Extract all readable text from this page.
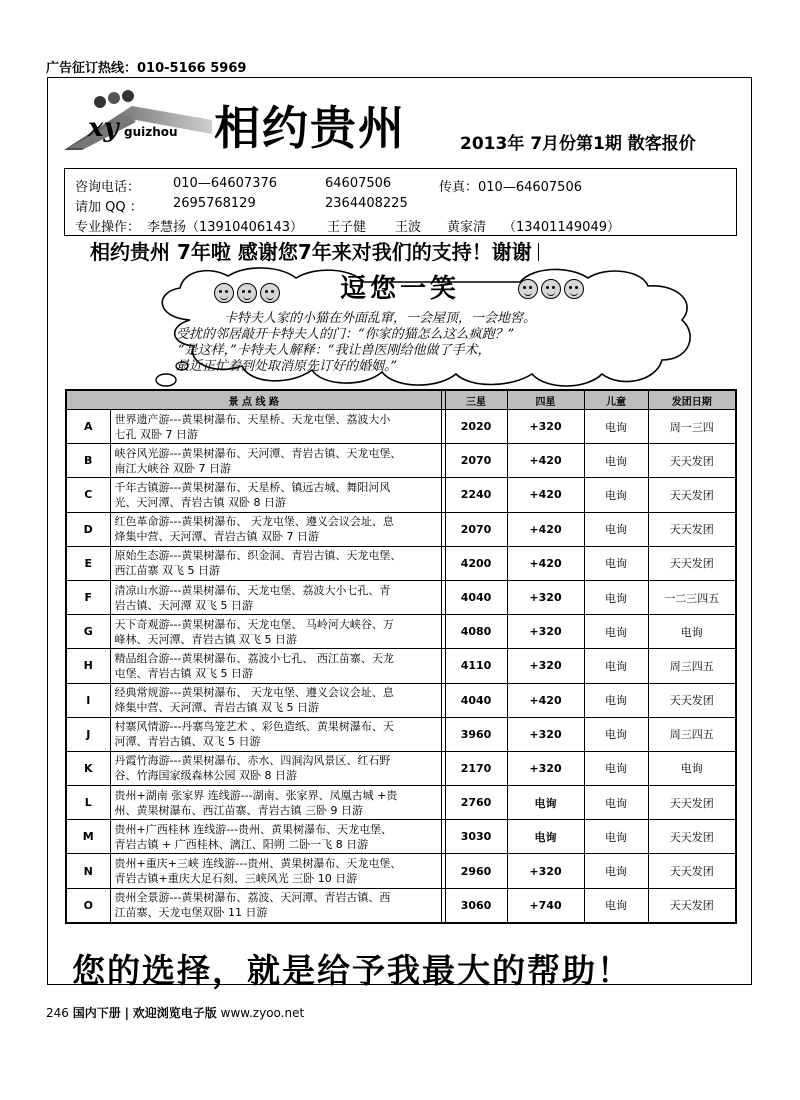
广告征订热线：010-5166 5969
xy guizhou 相约贵州	2013年 7月份第1期 散客报价
咨询电话：	010—64607376	64607506	传真：010—64607506
请加 QQ ： 2695768129	2364408225
专业操作： 李慧扬（13910406143） 王子健 王波 黄家清 （13401149049）
相约贵州 7年啦 感谢您7年来对我们的支持！谢谢
逗您一笑
卡特夫人家的小猫在外面乱窜，一会屋顶，一会地窖。
受扰的邻居敲开卡特夫人的门：“你家的猫怎么这么疯跑？”
“是这样，”卡特夫人解释：“我让兽医刚给他做了手术，
最近正忙着到处取消原先订好的婚姻。”
景 点 线 路			三星	四星	儿童	发团日期
A	世界遗产游---黄果树瀑布、天星桥、天龙屯堡、荔波大小
七孔 双卧 7 日游		2020	+320	电询	周一三四
B	峡谷风光游---黄果树瀑布、天河潭、青岩古镇、天龙屯堡、
南江大峡谷 双卧 7 日游		2070	+420	电询	天天发团
C	千年古镇游---黄果树瀑布、天星桥、镇远古城、舞阳河风
光、天河潭、青岩古镇 双卧 8 日游		2240	+420	电询	天天发团
D	红色革命游---黄果树瀑布、 天龙屯堡、遵义会议会址、息
烽集中营、天河潭、青岩古镇 双卧 7 日游		2070	+420	电询	天天发团
E	原始生态游---黄果树瀑布、织金洞、青岩古镇、天龙屯堡、
西江苗寨 双飞 5 日游		4200	+420	电询	天天发团
F	清凉山水游---黄果树瀑布、天龙屯堡、荔波大小七孔、青
岩古镇、天河潭 双飞 5 日游		4040	+320	电询	一二三四五
G	天下奇观游---黄果树瀑布、天龙屯堡、 马岭河大峡谷、万
峰林、天河潭、青岩古镇 双飞 5 日游		4080	+320	电询	电询
H	精品组合游---黄果树瀑布、荔波小七孔、 西江苗寨、天龙
屯堡、青岩古镇 双飞 5 日游		4110	+320	电询	周三四五
I	经典常规游---黄果树瀑布、 天龙屯堡、遵义会议会址、息
烽集中营、天河潭、青岩古镇 双飞 5 日游		4040	+420	电询	天天发团
J	村寨风情游---丹寨鸟笼艺术 、彩色造纸、黄果树瀑布、天
河潭、青岩古镇、双飞 5 日游		3960	+320	电询	周三四五
K	丹霞竹海游---黄果树瀑布、赤水、四洞沟风景区、红石野
谷、竹海国家级森林公园 双卧 8 日游		2170	+320	电询	电询
L	贵州+湖南 张家界 连线游---湖南、张家界、凤凰古城 +贵
州、黄果树瀑布、西江苗寨、青岩古镇 三卧 9 日游		2760	电询	电询	天天发团
M	贵州+广西桂林 连线游---贵州、黄果树瀑布、天龙屯堡、
青岩古镇 + 广西桂林、漓江、阳朔 二卧一飞 8 日游		3030	电询	电询	天天发团
N	贵州+重庆+三峡 连线游---贵州、黄果树瀑布、天龙屯堡、
青岩古镇+重庆大足石刻、三峡风光 三卧 10 日游		2960	+320	电询	天天发团
O	贵州全景游---黄果树瀑布、荔波、天河潭、青岩古镇、西
江苗寨、天龙屯堡双卧 11 日游		3060	+740	电询	天天发团
您的选择，就是给予我最大的帮助！
246 国内下册 | 欢迎浏览电子版 www.zyoo.net
